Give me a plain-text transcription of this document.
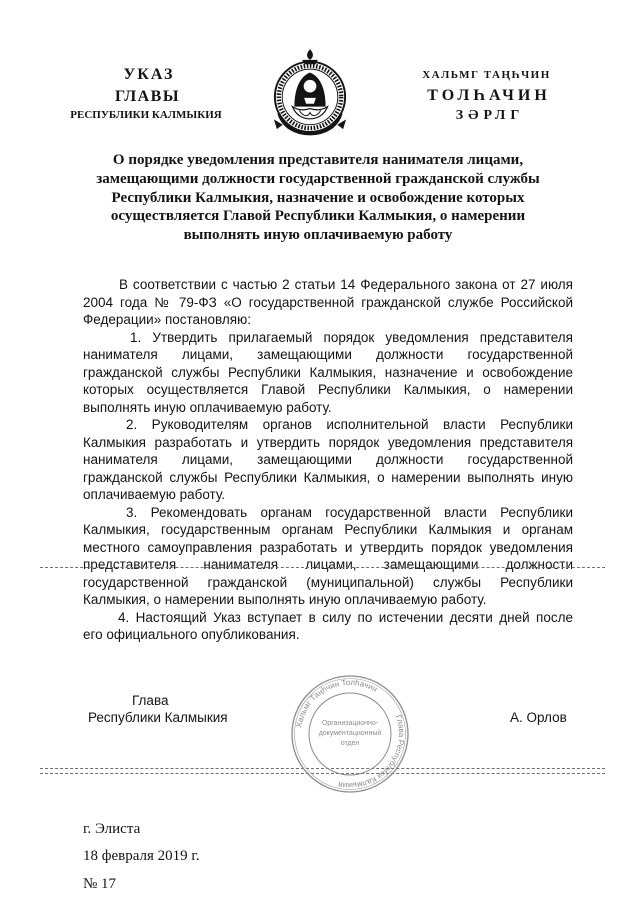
УКАЗ
ГЛАВЫ
РЕСПУБЛИКИ КАЛМЫКИЯ
ХАЛЬМГ ТАҢҺЧИН
ТОЛҺАЧИН
ЗӘРЛГ
О порядке уведомления представителя нанимателя лицами,
замещающими должности государственной гражданской службы
Республики Калмыкия, назначение и освобождение которых
осуществляется Главой Республики Калмыкия, о намерении
выполнять иную оплачиваемую работу
В соответствии с частью 2 статьи 14 Федерального закона от 27 июля
2004 года № 79-ФЗ «О государственной гражданской службе Российской
Федерации» постановляю:
1. Утвердить прилагаемый порядок уведомления представителя
нанимателя лицами, замещающими должности государственной
гражданской службы Республики Калмыкия, назначение и освобождение
которых осуществляется Главой Республики Калмыкия, о намерении
выполнять иную оплачиваемую работу.
2. Руководителям органов исполнительной власти Республики
Калмыкия разработать и утвердить порядок уведомления представителя
нанимателя лицами, замещающими должности государственной
гражданской службы Республики Калмыкия, о намерении выполнять иную
оплачиваемую работу.
3. Рекомендовать органам государственной власти Республики
Калмыкия, государственным органам Республики Калмыкия и органам
местного самоуправления разработать и утвердить порядок уведомления
представителя нанимателя лицами, замещающими должности
государственной гражданской (муниципальной) службы Республики
Калмыкия, о намерении выполнять иную оплачиваемую работу.
4. Настоящий Указ вступает в силу по истечении десяти дней после
его официального опубликования.
Глава
Республики Калмыкия	А. Орлов
Хальмг Таңһчин Толһачин
Глава Республики Калмыкия
Организационно-
документационный
отдел
г. Элиста
18 февраля 2019 г.
№ 17
